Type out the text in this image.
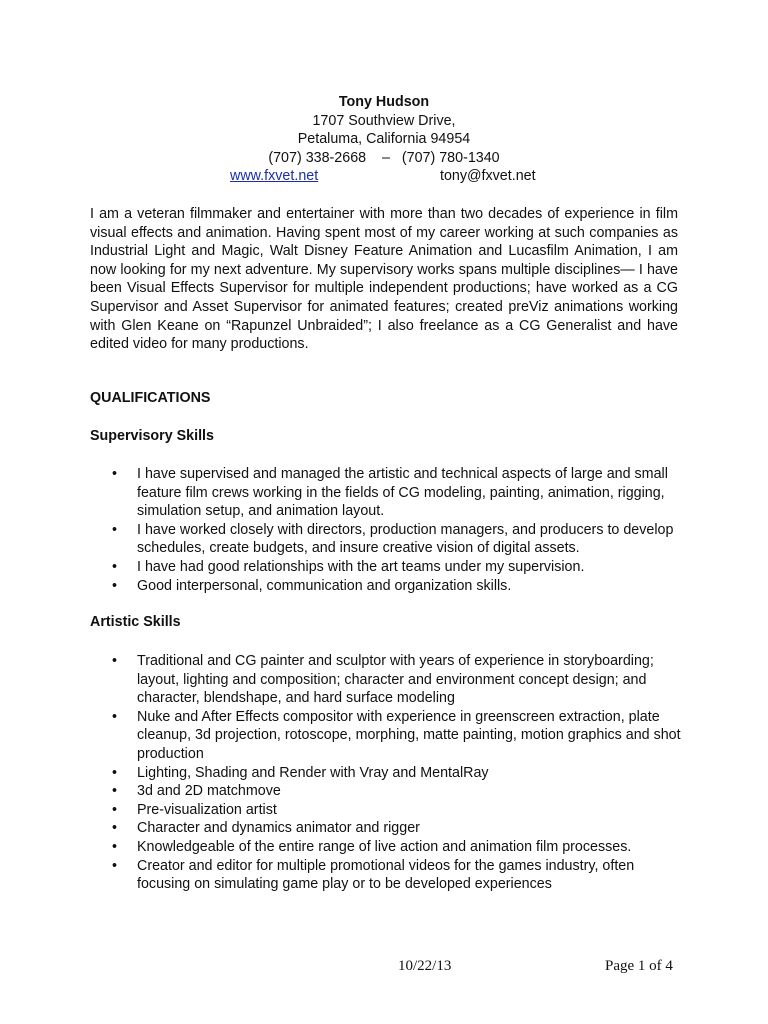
Tony Hudson
1707 Southview Drive,
Petaluma, California 94954
(707) 338-2668    –   (707) 780-1340
www.fxvet.net	tony@fxvet.net

I am a veteran filmmaker and entertainer with more than two decades of experience in film visual effects and animation. Having spent most of my career working at such companies as Industrial Light and Magic, Walt Disney Feature Animation and Lucasfilm Animation, I am now looking for my next adventure. My supervisory works spans multiple disciplines— I have been Visual Effects Supervisor for multiple independent productions; have worked as a CG Supervisor and Asset Supervisor for animated features; created preViz animations working with Glen Keane on “Rapunzel Unbraided”; I also freelance as a CG Generalist and have edited video for many productions.

QUALIFICATIONS
Supervisory Skills
• I have supervised and managed the artistic and technical aspects of large and small feature film crews working in the fields of CG modeling, painting, animation, rigging, simulation setup, and animation layout.
• I have worked closely with directors, production managers, and producers to develop schedules, create budgets, and insure creative vision of digital assets.
• I have had good relationships with the art teams under my supervision.
• Good interpersonal, communication and organization skills.
Artistic Skills
• Traditional and CG painter and sculptor with years of experience in storyboarding; layout, lighting and composition; character and environment concept design; and character, blendshape, and hard surface modeling
• Nuke and After Effects compositor with experience in greenscreen extraction, plate cleanup, 3d projection, rotoscope, morphing, matte painting, motion graphics and shot production
• Lighting, Shading and Render with Vray and MentalRay
• 3d and 2D matchmove
• Pre-visualization artist
• Character and dynamics animator and rigger
• Knowledgeable of the entire range of live action and animation film processes.
• Creator and editor for multiple promotional videos for the games industry, often focusing on simulating game play or to be developed experiences
10/22/13	Page 1 of 4
